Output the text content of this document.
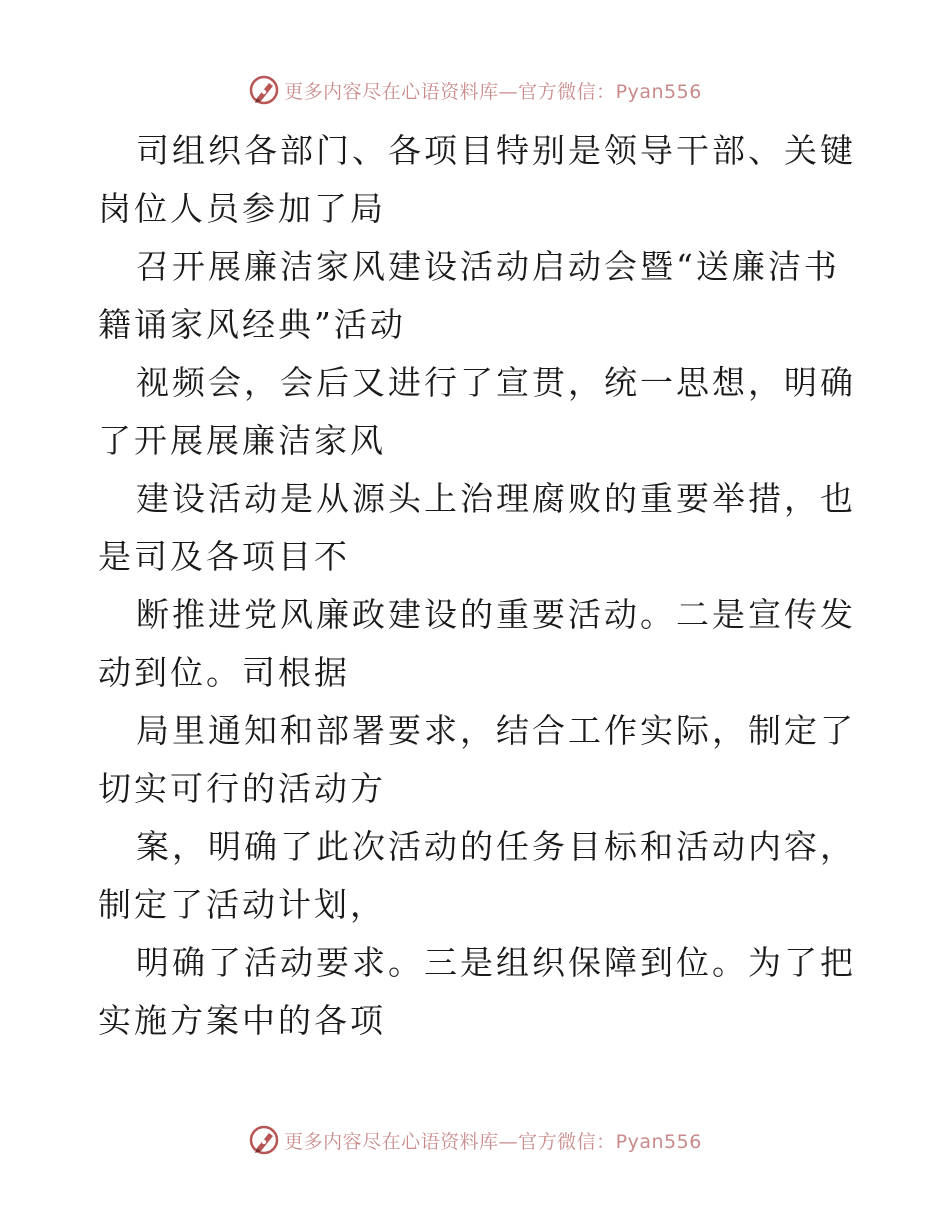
更多内容尽在心语资料库—官方微信：Pyan556

司组织各部门、各项目特别是领导干部、关键岗位人员参加了局

召开展廉洁家风建设活动启动会暨“送廉洁书籍诵家风经典”活动

视频会，会后又进行了宣贯，统一思想，明确了开展展廉洁家风

建设活动是从源头上治理腐败的重要举措，也是司及各项目不

断推进党风廉政建设的重要活动。二是宣传发动到位。司根据

局里通知和部署要求，结合工作实际，制定了切实可行的活动方

案，明确了此次活动的任务目标和活动内容，制定了活动计划，

明确了活动要求。三是组织保障到位。为了把实施方案中的各项

更多内容尽在心语资料库—官方微信：Pyan556
